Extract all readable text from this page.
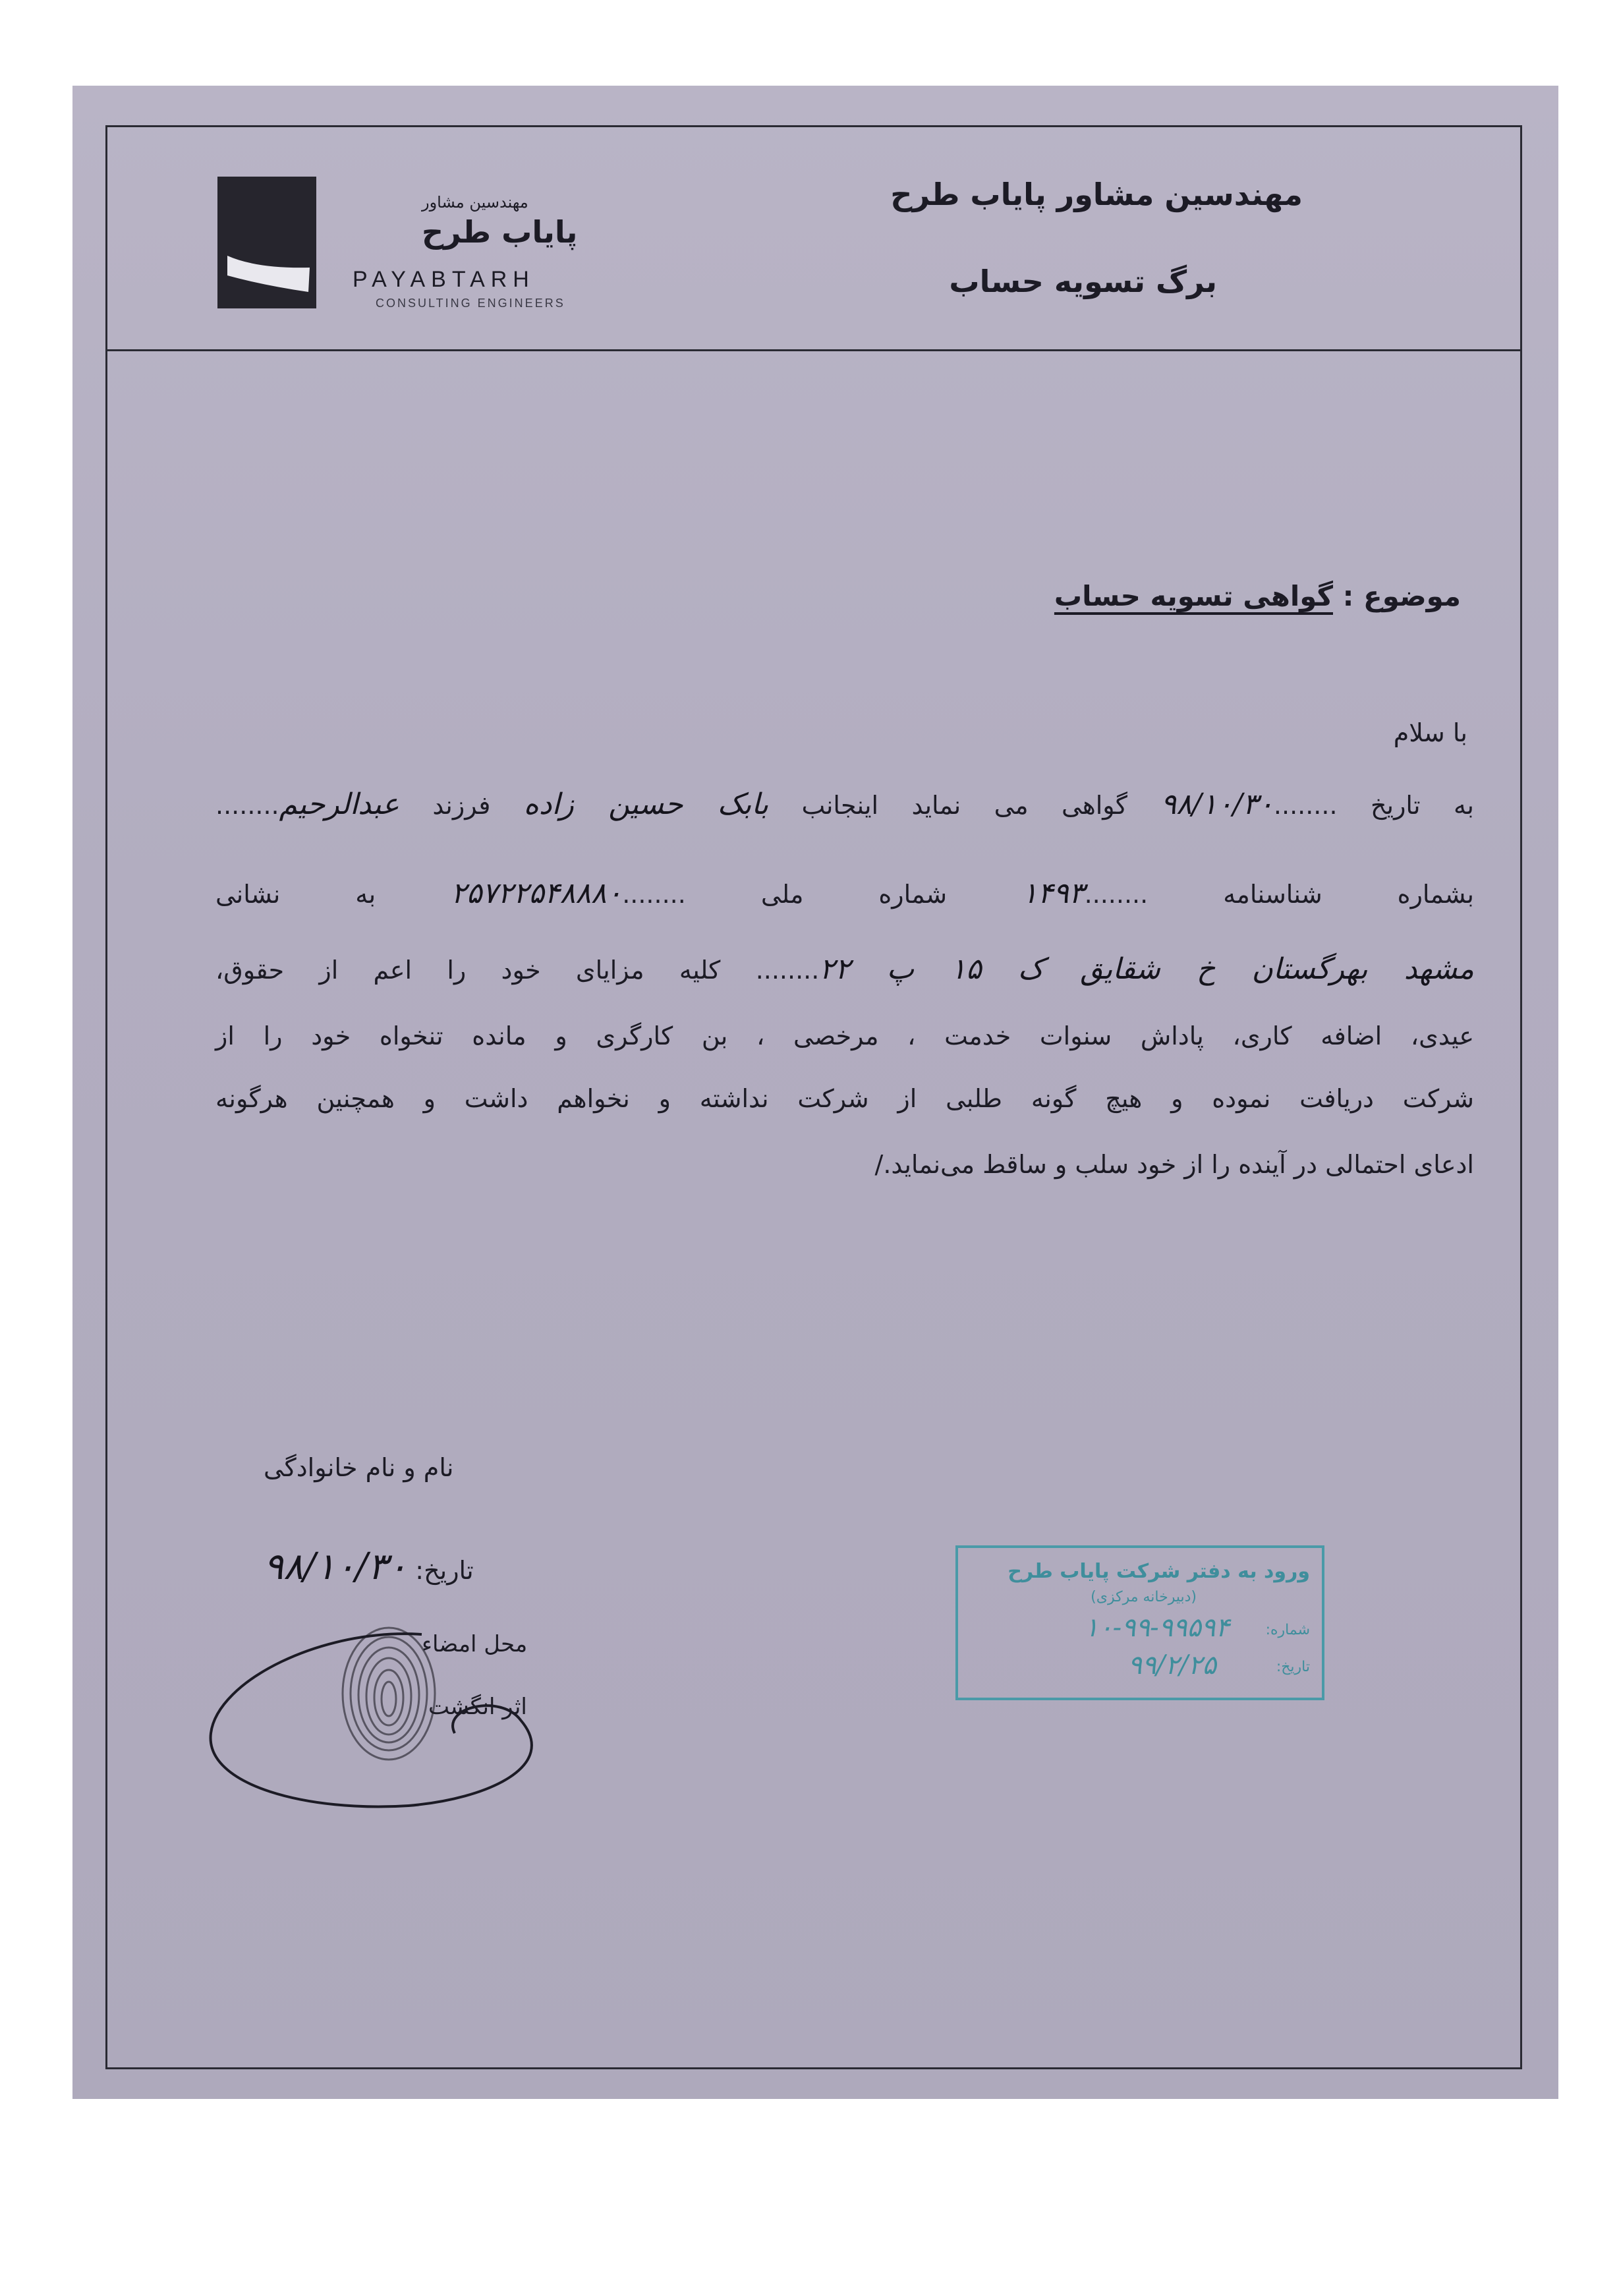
مهندسین مشاور پایاب طرح
برگ تسویه حساب
مهندسین مشاور
پایاب طرح
PAYABTARH
CONSULTING ENGINEERS
موضوع : گواهی تسویه حساب
با سلام
به تاریخ ........۹۸/۱۰/۳۰ گواهی می نماید اینجانب بابک حسین زاده فرزند عبدالرحیم........
بشماره شناسنامه ........۱۴۹۳ شماره ملی ........۲۵۷۲۲۵۴۸۸۸۰ به نشانی
مشهد بهرگستان خ شقایق ک ۱۵ پ ۲۲........ کلیه مزایای خود را اعم از حقوق،
عیدی، اضافه کاری، پاداش سنوات خدمت ، مرخصی ، بن کارگری و مانده تنخواه خود را از
شرکت دریافت نموده و هیچ گونه طلبی از شرکت نداشته و نخواهم داشت و همچنین هرگونه
ادعای احتمالی در آینده را از خود سلب و ساقط می‌نماید./
نام و نام خانوادگی
تاریخ: ۹۸/۱۰/۳۰
محل امضاء
اثر انگشت
ورود به دفتر شرکت پایاب طرح
(دبیرخانه مرکزی)
شماره:
۱۰-۹۹-۹۹۵۹۴
تاریخ:
۹۹/۲/۲۵
